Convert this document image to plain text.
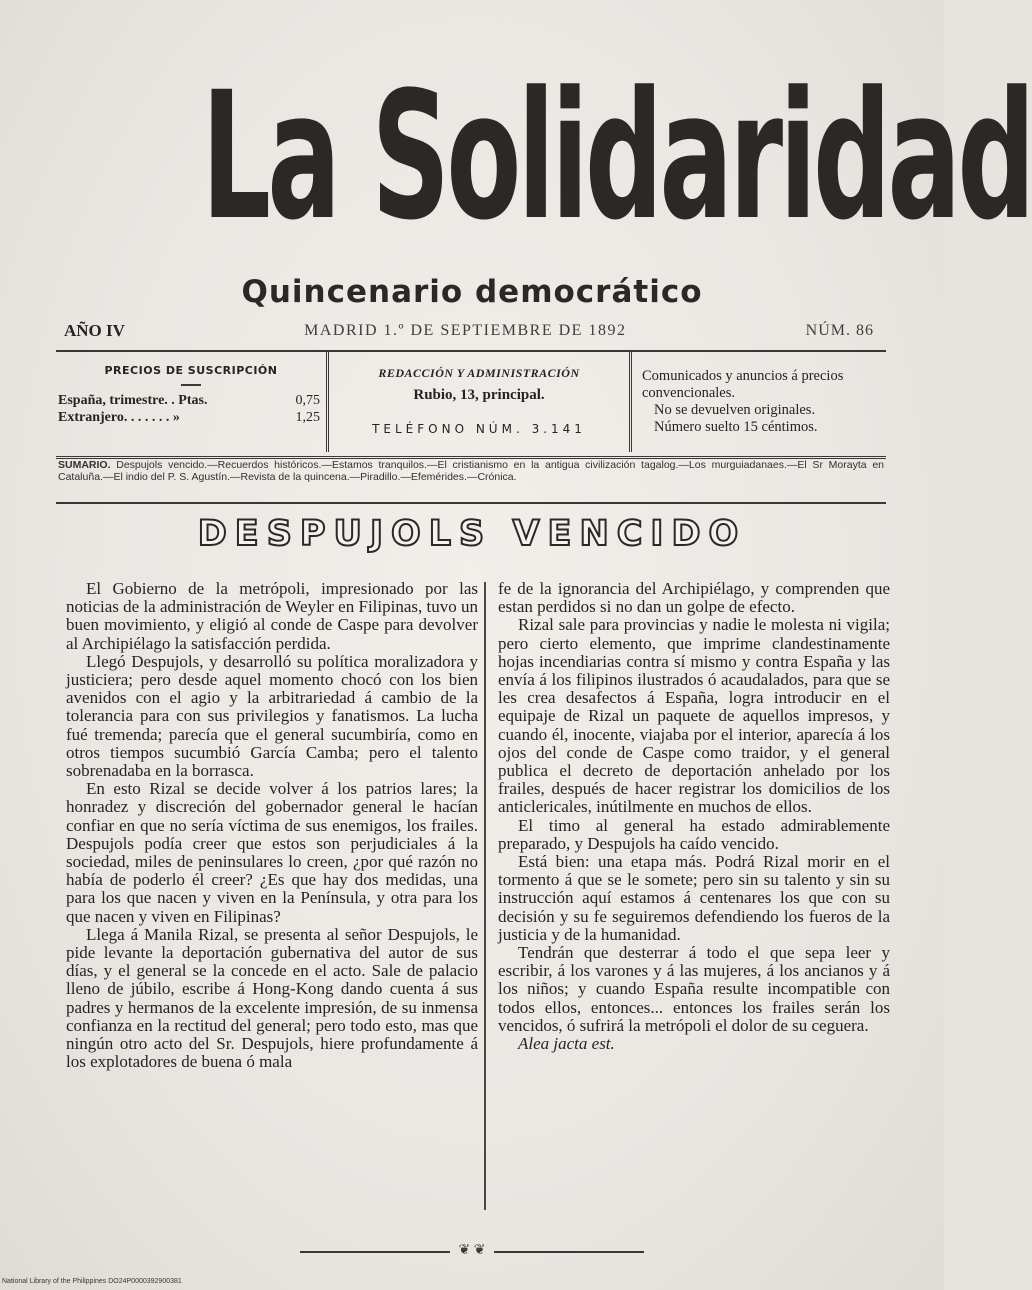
La Solidaridad
Quincenario democrático
AÑO IV	MADRID 1.º DE SEPTIEMBRE DE 1892	NÚM. 86
PRECIOS DE SUSCRIPCIÓN
España, trimestre. . Ptas.	0,75
Extranjero. . . . . . . »	1,25
REDACCIÓN Y ADMINISTRACIÓN
Rubio, 13, principal.
TELÉFONO NÚM. 3.141

Comunicados y anuncios á precios convencionales.

No se devuelven originales.

Número suelto 15 céntimos.

SUMARIO. Despujols vencido.—Recuerdos históricos.—Estamos tranquilos.—El cristianismo en la antigua civilización tagalog.—Los murguiadanaes.—El Sr Morayta en Cataluña.—El indio del P. S. Agustín.—Revista de la quincena.—Piradillo.—Efemérides.—Crónica.
DESPUJOLS VENCIDO

El Gobierno de la metrópoli, impresionado por las noticias de la administración de Weyler en Filipinas, tuvo un buen movimiento, y eligió al conde de Caspe para devolver al Archipiélago la satisfacción perdida.

Llegó Despujols, y desarrolló su política moralizadora y justiciera; pero desde aquel momento chocó con los bien avenidos con el agio y la arbitrariedad á cambio de la tolerancia para con sus privilegios y fanatismos. La lucha fué tremenda; parecía que el general sucumbiría, como en otros tiempos sucumbió García Camba; pero el talento sobrenadaba en la borrasca.

En esto Rizal se decide volver á los patrios lares; la honradez y discreción del gobernador general le hacían confiar en que no sería víctima de sus enemigos, los frailes. Despujols podía creer que estos son perjudiciales á la sociedad, miles de peninsulares lo creen, ¿por qué razón no había de poderlo él creer? ¿Es que hay dos medidas, una para los que nacen y viven en la Península, y otra para los que nacen y viven en Filipinas?

Llega á Manila Rizal, se presenta al señor Despujols, le pide levante la deportación gubernativa del autor de sus días, y el general se la concede en el acto. Sale de palacio lleno de júbilo, escribe á Hong-Kong dando cuenta á sus padres y hermanos de la excelente impresión, de su inmensa confianza en la rectitud del general; pero todo esto, mas que ningún otro acto del Sr. Despujols, hiere profundamente á los explotadores de buena ó mala

fe de la ignorancia del Archipiélago, y comprenden que estan perdidos si no dan un golpe de efecto.

Rizal sale para provincias y nadie le molesta ni vigila; pero cierto elemento, que imprime clandestinamente hojas incendiarias contra sí mismo y contra España y las envía á los filipinos ilustrados ó acaudalados, para que se les crea desafectos á España, logra introducir en el equipaje de Rizal un paquete de aquellos impresos, y cuando él, inocente, viajaba por el interior, aparecía á los ojos del conde de Caspe como traidor, y el general publica el decreto de deportación anhelado por los frailes, después de hacer registrar los domicilios de los anticlericales, inútilmente en muchos de ellos.

El timo al general ha estado admirablemente preparado, y Despujols ha caído vencido.

Está bien: una etapa más. Podrá Rizal morir en el tormento á que se le somete; pero sin su talento y sin su instrucción aquí estamos á centenares los que con su decisión y su fe seguiremos defendiendo los fueros de la justicia y de la humanidad.

Tendrán que desterrar á todo el que sepa leer y escribir, á los varones y á las mujeres, á los ancianos y á los niños; y cuando España resulte incompatible con todos ellos, entonces... entonces los frailes serán los vencidos, ó sufrirá la metrópoli el dolor de su ceguera.

Alea jacta est.

❦ ❦
National Library of the Philippines DO24P0000392900381
